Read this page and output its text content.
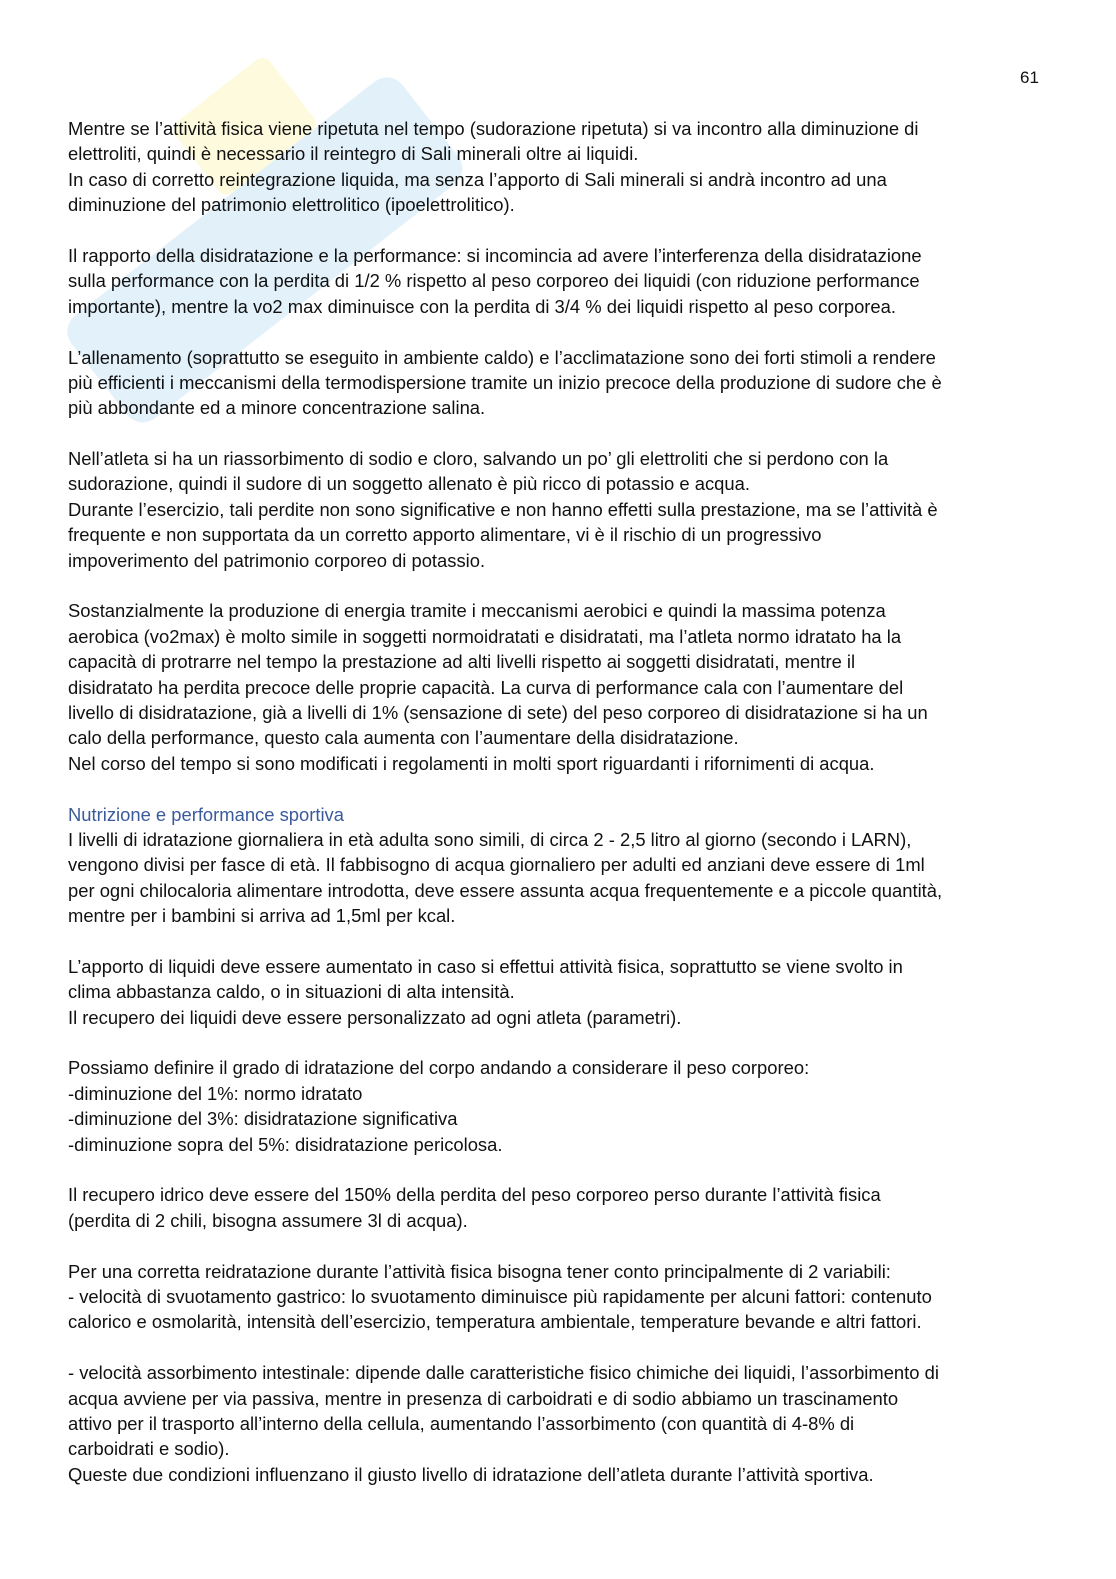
61
Mentre se l’attività fisica viene ripetuta nel tempo (sudorazione ripetuta) si va incontro alla diminuzione di
elettroliti, quindi è necessario il reintegro di Sali minerali oltre ai liquidi.
In caso di corretto reintegrazione liquida, ma senza l’apporto di Sali minerali si andrà incontro ad una
diminuzione del patrimonio elettrolitico (ipoelettrolitico).
Il rapporto della disidratazione e la performance: si incomincia ad avere l’interferenza della disidratazione
sulla performance con la perdita di 1/2 % rispetto al peso corporeo dei liquidi (con riduzione performance
importante), mentre la vo2 max diminuisce con la perdita di 3/4 % dei liquidi rispetto al peso corporea.
L’allenamento (soprattutto se eseguito in ambiente caldo) e l’acclimatazione sono dei forti stimoli a rendere
più efficienti i meccanismi della termodispersione tramite un inizio precoce della produzione di sudore che è
più abbondante ed a minore concentrazione salina.
Nell’atleta si ha un riassorbimento di sodio e cloro, salvando un po’ gli elettroliti che si perdono con la
sudorazione, quindi il sudore di un soggetto allenato è più ricco di potassio e acqua.
Durante l’esercizio, tali perdite non sono significative e non hanno effetti sulla prestazione, ma se l’attività è
frequente e non supportata da un corretto apporto alimentare, vi è il rischio di un progressivo
impoverimento del patrimonio corporeo di potassio.
Sostanzialmente la produzione di energia tramite i meccanismi aerobici e quindi la massima potenza
aerobica (vo2max) è molto simile in soggetti normoidratati e disidratati, ma l’atleta normo idratato ha la
capacità di protrarre nel tempo la prestazione ad alti livelli rispetto ai soggetti disidratati, mentre il
disidratato ha perdita precoce delle proprie capacità. La curva di performance cala con l’aumentare del
livello di disidratazione, già a livelli di 1% (sensazione di sete) del peso corporeo di disidratazione si ha un
calo della performance, questo cala aumenta con l’aumentare della disidratazione.
Nel corso del tempo si sono modificati i regolamenti in molti sport riguardanti i rifornimenti di acqua.
Nutrizione e performance sportiva
I livelli di idratazione giornaliera in età adulta sono simili, di circa 2 - 2,5 litro al giorno (secondo i LARN),
vengono divisi per fasce di età. Il fabbisogno di acqua giornaliero per adulti ed anziani deve essere di 1ml
per ogni chilocaloria alimentare introdotta, deve essere assunta acqua frequentemente e a piccole quantità,
mentre per i bambini si arriva ad 1,5ml per kcal.
L’apporto di liquidi deve essere aumentato in caso si effettui attività fisica, soprattutto se viene svolto in
clima abbastanza caldo, o in situazioni di alta intensità.
Il recupero dei liquidi deve essere personalizzato ad ogni atleta (parametri).
Possiamo definire il grado di idratazione del corpo andando a considerare il peso corporeo:
-diminuzione del 1%: normo idratato
-diminuzione del 3%: disidratazione significativa
-diminuzione sopra del 5%: disidratazione pericolosa.
Il recupero idrico deve essere del 150% della perdita del peso corporeo perso durante l’attività fisica
(perdita di 2 chili, bisogna assumere 3l di acqua).
Per una corretta reidratazione durante l’attività fisica bisogna tener conto principalmente di 2 variabili:
- velocità di svuotamento gastrico: lo svuotamento diminuisce più rapidamente per alcuni fattori: contenuto
calorico e osmolarità, intensità dell’esercizio, temperatura ambientale, temperature bevande e altri fattori.
- velocità assorbimento intestinale: dipende dalle caratteristiche fisico chimiche dei liquidi, l’assorbimento di
acqua avviene per via passiva, mentre in presenza di carboidrati e di sodio abbiamo un trascinamento
attivo per il trasporto all’interno della cellula, aumentando l’assorbimento (con quantità di 4-8% di
carboidrati e sodio).
Queste due condizioni influenzano il giusto livello di idratazione dell’atleta durante l’attività sportiva.
